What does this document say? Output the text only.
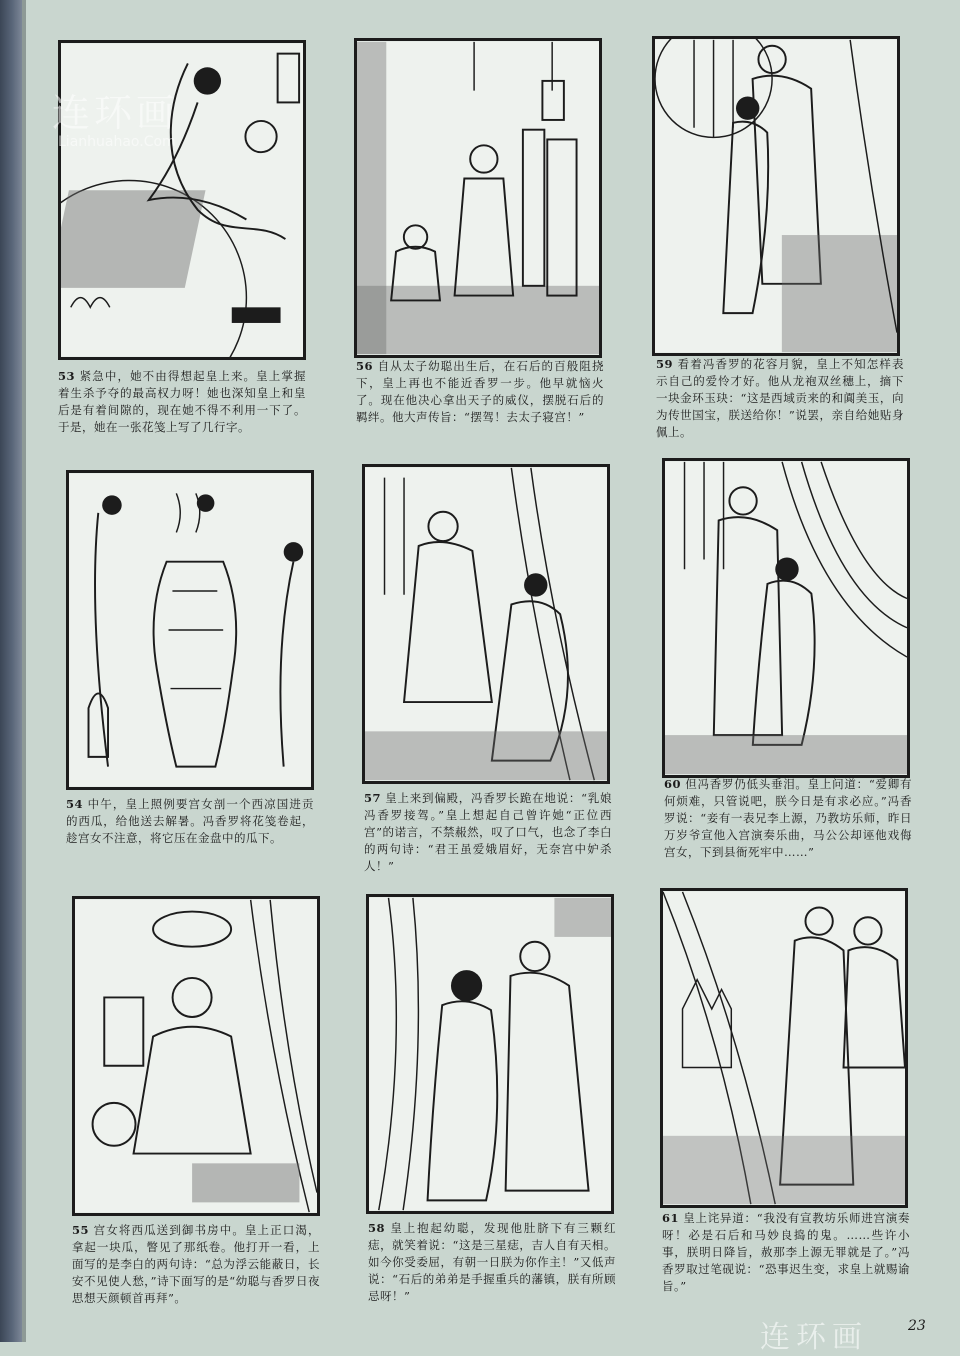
53 紧急中，她不由得想起皇上来。皇上掌握着生杀予夺的最高权力呀！她也深知皇上和皇后是有着间隙的，现在她不得不利用一下了。于是，她在一张花笺上写了几行字。
54 中午，皇上照例要宫女剖一个西凉国进贡的西瓜，给他送去解暑。冯香罗将花笺卷起，趁宫女不注意，将它压在金盘中的瓜下。
55 宫女将西瓜送到御书房中。皇上正口渴，拿起一块瓜，瞥见了那纸卷。他打开一看，上面写的是李白的两句诗：“总为浮云能蔽日，长安不见使人愁，”诗下面写的是“幼聪与香罗日夜思想天颜顿首再拜”。
56 自从太子幼聪出生后，在石后的百般阻挠下，皇上再也不能近香罗一步。他早就恼火了。现在他决心拿出天子的威仪，摆脱石后的羁绊。他大声传旨：“摆驾！去太子寝宫！”
57 皇上来到偏殿，冯香罗长跪在地说：“乳娘冯香罗接驾。”皇上想起自己曾许她“正位西宫”的诺言，不禁赧然，叹了口气，也念了李白的两句诗：“君王虽爱娥眉好，无奈宫中妒杀人！”
58 皇上抱起幼聪，发现他肚脐下有三颗红痣，就笑着说：“这是三星痣，吉人自有天相。如今你受委屈，有朝一日朕为你作主！”又低声说：“石后的弟弟是手握重兵的藩镇，朕有所顾忌呀！”
59 看着冯香罗的花容月貌，皇上不知怎样表示自己的爱怜才好。他从龙袍双丝穗上，摘下一块金环玉玦：“这是西域贡来的和阗美玉，向为传世国宝，朕送给你！”说罢，亲自给她贴身佩上。
60 但冯香罗仍低头垂泪。皇上问道：“爱卿有何烦难，只管说吧，朕今日是有求必应。”冯香罗说：“妾有一表兄李上源，乃教坊乐师，昨日万岁爷宣他入宫演奏乐曲，马公公却诬他戏侮宫女，下到县衙死牢中……”
61 皇上诧异道：“我没有宣教坊乐师进宫演奏呀！必是石后和马妙良捣的鬼。……些许小事，朕明日降旨，赦那李上源无罪就是了。”冯香罗取过笔砚说：“恐事迟生变，求皇上就赐谕旨。”
连环画
Lianhuahao.Com
连环画	23
